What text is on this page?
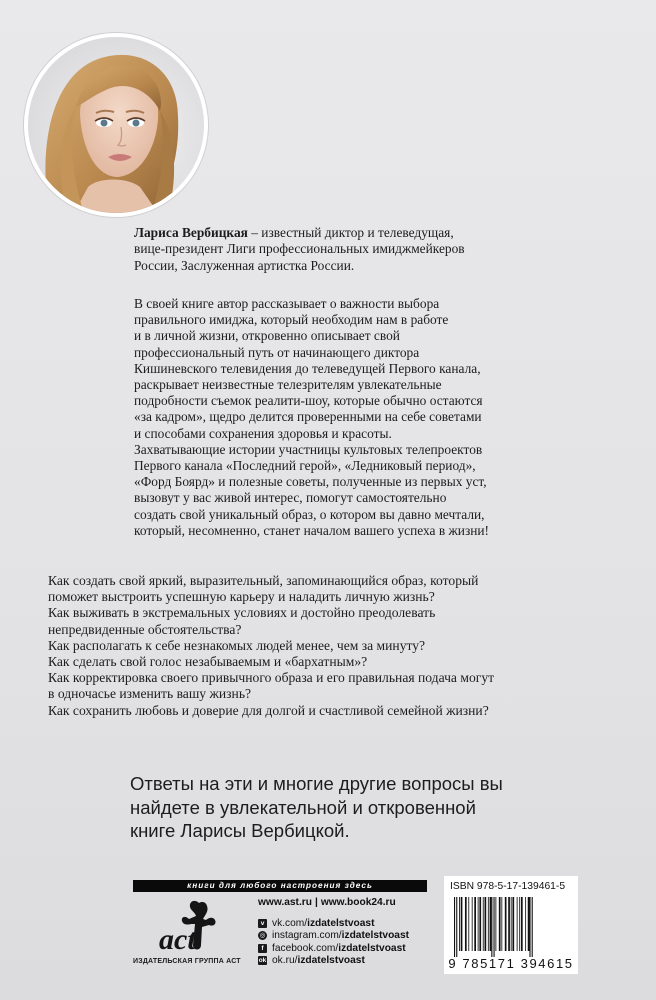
Лариса Вербицкая – известный диктор и телеведущая,
вице-президент Лиги профессиональных имиджмейкеров
России, Заслуженная артистка России.
В своей книге автор рассказывает о важности выбора
правильного имиджа, который необходим нам в работе
и в личной жизни, откровенно описывает свой
профессиональный путь от начинающего диктора
Кишиневского телевидения до телеведущей Первого канала,
раскрывает неизвестные телезрителям увлекательные
подробности съемок реалити-шоу, которые обычно остаются
«за кадром», щедро делится проверенными на себе советами
и способами сохранения здоровья и красоты.
Захватывающие истории участницы культовых телепроектов
Первого канала «Последний герой», «Ледниковый период»,
«Форд Боярд» и полезные советы, полученные из первых уст,
вызовут у вас живой интерес, помогут самостоятельно
создать свой уникальный образ, о котором вы давно мечтали,
который, несомненно, станет началом вашего успеха в жизни!
Как создать свой яркий, выразительный, запоминающийся образ, который
поможет выстроить успешную карьеру и наладить личную жизнь?
Как выживать в экстремальных условиях и достойно преодолевать
непредвиденные обстоятельства?
Как располагать к себе незнакомых людей менее, чем за минуту?
Как сделать свой голос незабываемым и «бархатным»?
Как корректировка своего привычного образа и его правильная подача могут
в одночасье изменить вашу жизнь?
Как сохранить любовь и доверие для долгой и счастливой семейной жизни?
Ответы на эти и многие другие вопросы вы
найдете в увлекательной и откровенной
книге Ларисы Вербицкой.
книги для любого настроения здесь
act
ИЗДАТЕЛЬСКАЯ ГРУППА АСТ
www.ast.ru | www.book24.ru
v vk.com/ izdatelstvoast
◎ instagram.com/ izdatelstvoast
f facebook.com/ izdatelstvoast
ok ok.ru/ izdatelstvoast
ISBN 978-5-17-139461-5
9 785171 394615
